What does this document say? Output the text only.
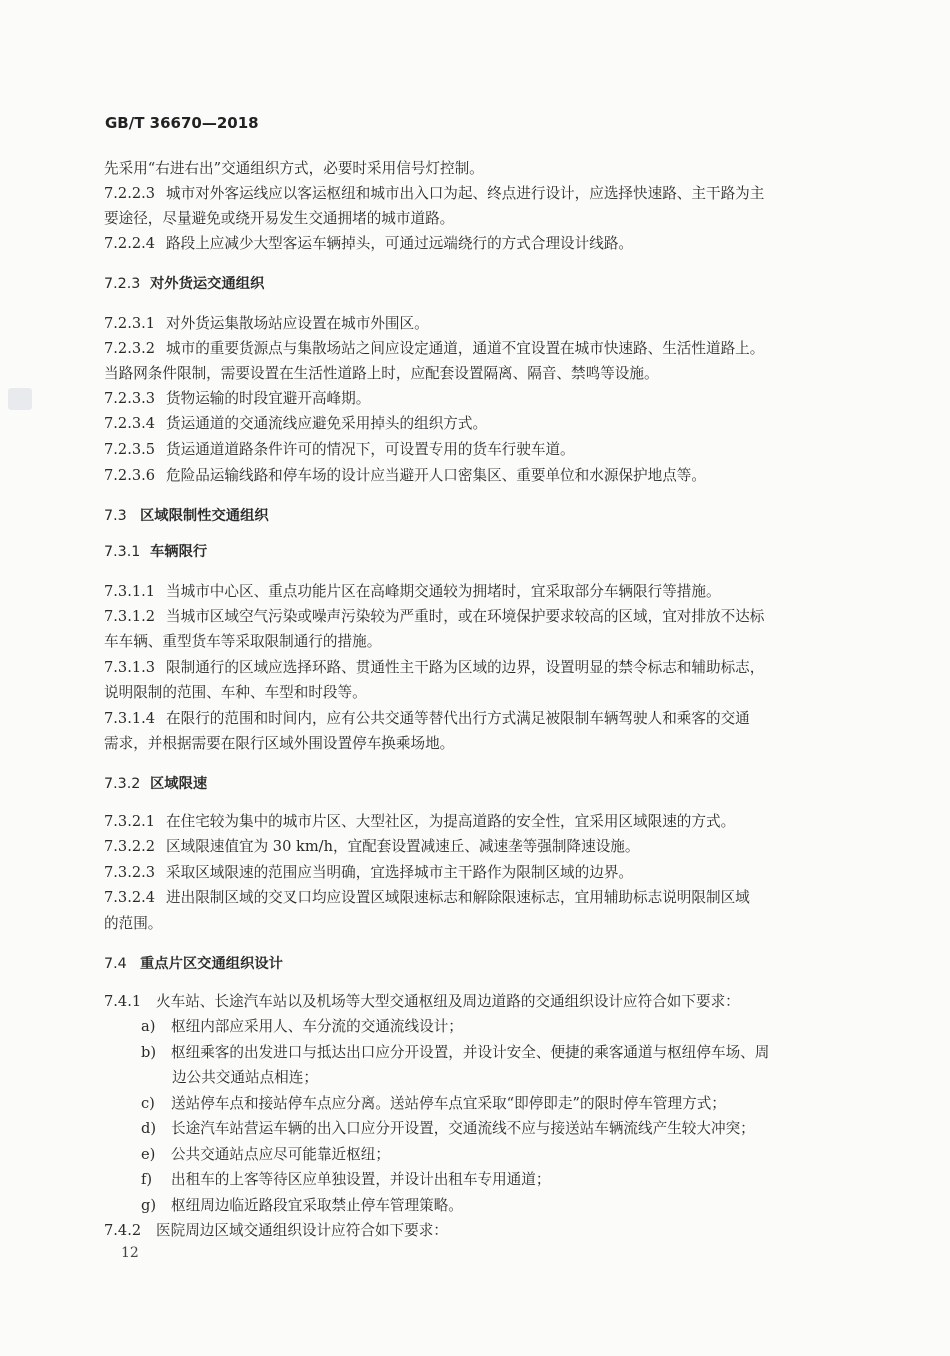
GB/T 36670—2018
先采用“右进右出”交通组织方式，必要时采用信号灯控制。
7.2.2.3 城市对外客运线应以客运枢纽和城市出入口为起、终点进行设计，应选择快速路、主干路为主
要途径，尽量避免或绕开易发生交通拥堵的城市道路。
7.2.2.4 路段上应减少大型客运车辆掉头，可通过远端绕行的方式合理设计线路。
7.2.3 对外货运交通组织
7.2.3.1 对外货运集散场站应设置在城市外围区。
7.2.3.2 城市的重要货源点与集散场站之间应设定通道，通道不宜设置在城市快速路、生活性道路上。
当路网条件限制，需要设置在生活性道路上时，应配套设置隔离、隔音、禁鸣等设施。
7.2.3.3 货物运输的时段宜避开高峰期。
7.2.3.4 货运通道的交通流线应避免采用掉头的组织方式。
7.2.3.5 货运通道道路条件许可的情况下，可设置专用的货车行驶车道。
7.2.3.6 危险品运输线路和停车场的设计应当避开人口密集区、重要单位和水源保护地点等。
7.3 区域限制性交通组织
7.3.1 车辆限行
7.3.1.1 当城市中心区、重点功能片区在高峰期交通较为拥堵时，宜采取部分车辆限行等措施。
7.3.1.2 当城市区域空气污染或噪声污染较为严重时，或在环境保护要求较高的区域，宜对排放不达标
车车辆、重型货车等采取限制通行的措施。
7.3.1.3 限制通行的区域应选择环路、贯通性主干路为区域的边界，设置明显的禁令标志和辅助标志，
说明限制的范围、车种、车型和时段等。
7.3.1.4 在限行的范围和时间内，应有公共交通等替代出行方式满足被限制车辆驾驶人和乘客的交通
需求，并根据需要在限行区域外围设置停车换乘场地。
7.3.2 区域限速
7.3.2.1 在住宅较为集中的城市片区、大型社区，为提高道路的安全性，宜采用区域限速的方式。
7.3.2.2 区域限速值宜为 30 km/h，宜配套设置减速丘、减速垄等强制降速设施。
7.3.2.3 采取区域限速的范围应当明确，宜选择城市主干路作为限制区域的边界。
7.3.2.4 进出限制区域的交叉口均应设置区域限速标志和解除限速标志，宜用辅助标志说明限制区域
的范围。
7.4 重点片区交通组织设计
7.4.1 火车站、长途汽车站以及机场等大型交通枢纽及周边道路的交通组织设计应符合如下要求：
a) 枢纽内部应采用人、车分流的交通流线设计；
b) 枢纽乘客的出发进口与抵达出口应分开设置，并设计安全、便捷的乘客通道与枢纽停车场、周
边公共交通站点相连；
c) 送站停车点和接站停车点应分离。送站停车点宜采取“即停即走”的限时停车管理方式；
d) 长途汽车站营运车辆的出入口应分开设置，交通流线不应与接送站车辆流线产生较大冲突；
e) 公共交通站点应尽可能靠近枢纽；
f) 出租车的上客等待区应单独设置，并设计出租车专用通道；
g) 枢纽周边临近路段宜采取禁止停车管理策略。
7.4.2 医院周边区域交通组织设计应符合如下要求：
12
